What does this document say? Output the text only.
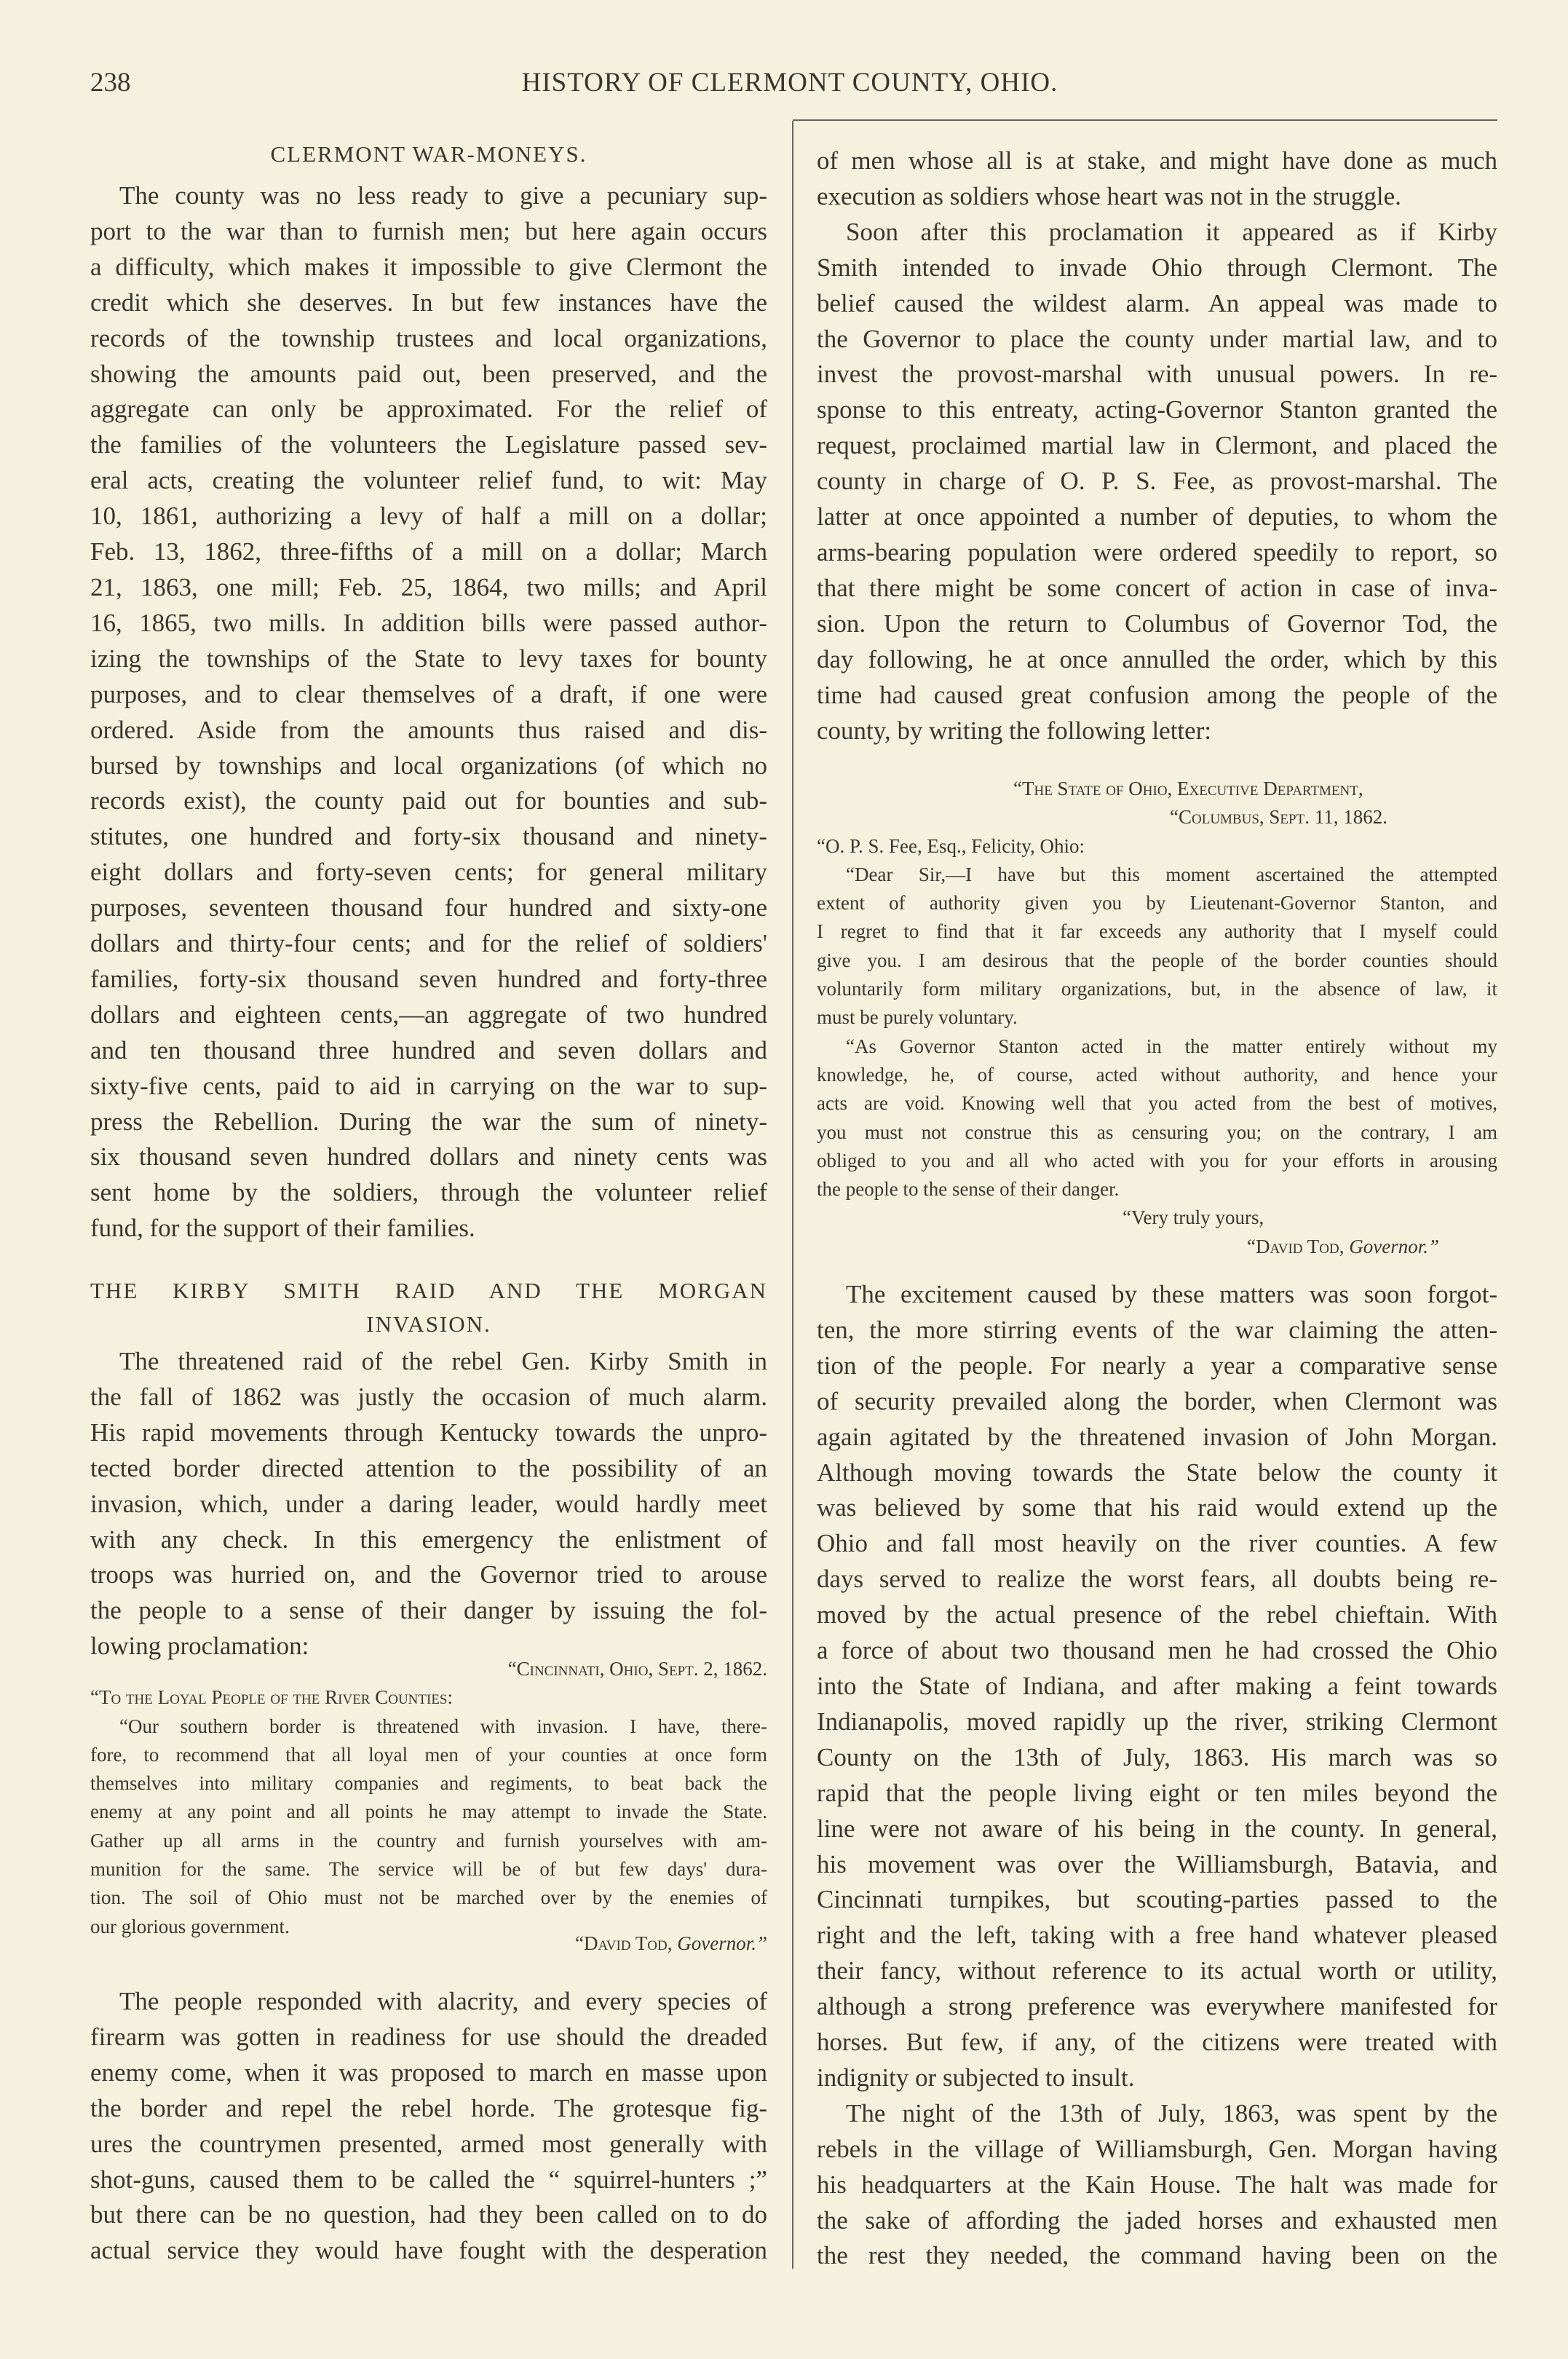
238	HISTORY OF CLERMONT COUNTY, OHIO.
CLERMONT WAR-MONEYS.
The county was no less ready to give a pecuniary sup-
port to the war than to furnish men; but here again occurs
a difficulty, which makes it impossible to give Clermont the
credit which she deserves. In but few instances have the
records of the township trustees and local organizations,
showing the amounts paid out, been preserved, and the
aggregate can only be approximated. For the relief of
the families of the volunteers the Legislature passed sev-
eral acts, creating the volunteer relief fund, to wit: May
10, 1861, authorizing a levy of half a mill on a dollar;
Feb. 13, 1862, three-fifths of a mill on a dollar; March
21, 1863, one mill; Feb. 25, 1864, two mills; and April
16, 1865, two mills. In addition bills were passed author-
izing the townships of the State to levy taxes for bounty
purposes, and to clear themselves of a draft, if one were
ordered. Aside from the amounts thus raised and dis-
bursed by townships and local organizations (of which no
records exist), the county paid out for bounties and sub-
stitutes, one hundred and forty-six thousand and ninety-
eight dollars and forty-seven cents; for general military
purposes, seventeen thousand four hundred and sixty-one
dollars and thirty-four cents; and for the relief of soldiers'
families, forty-six thousand seven hundred and forty-three
dollars and eighteen cents,—an aggregate of two hundred
and ten thousand three hundred and seven dollars and
sixty-five cents, paid to aid in carrying on the war to sup-
press the Rebellion. During the war the sum of ninety-
six thousand seven hundred dollars and ninety cents was
sent home by the soldiers, through the volunteer relief
fund, for the support of their families.
THE KIRBY SMITH RAID AND THE MORGAN
INVASION.
The threatened raid of the rebel Gen. Kirby Smith in
the fall of 1862 was justly the occasion of much alarm.
His rapid movements through Kentucky towards the unpro-
tected border directed attention to the possibility of an
invasion, which, under a daring leader, would hardly meet
with any check. In this emergency the enlistment of
troops was hurried on, and the Governor tried to arouse
the people to a sense of their danger by issuing the fol-
lowing proclamation:
“Cincinnati, Ohio, Sept. 2, 1862.
“To the Loyal People of the River Counties:
“Our southern border is threatened with invasion. I have, there-
fore, to recommend that all loyal men of your counties at once form
themselves into military companies and regiments, to beat back the
enemy at any point and all points he may attempt to invade the State.
Gather up all arms in the country and furnish yourselves with am-
munition for the same. The service will be of but few days' dura-
tion. The soil of Ohio must not be marched over by the enemies of
our glorious government.
“David Tod, Governor.”
The people responded with alacrity, and every species of
firearm was gotten in readiness for use should the dreaded
enemy come, when it was proposed to march en masse upon
the border and repel the rebel horde. The grotesque fig-
ures the countrymen presented, armed most generally with
shot-guns, caused them to be called the “ squirrel-hunters ;”
but there can be no question, had they been called on to do
actual service they would have fought with the desperation
of men whose all is at stake, and might have done as much
execution as soldiers whose heart was not in the struggle.
Soon after this proclamation it appeared as if Kirby
Smith intended to invade Ohio through Clermont. The
belief caused the wildest alarm. An appeal was made to
the Governor to place the county under martial law, and to
invest the provost-marshal with unusual powers. In re-
sponse to this entreaty, acting-Governor Stanton granted the
request, proclaimed martial law in Clermont, and placed the
county in charge of O. P. S. Fee, as provost-marshal. The
latter at once appointed a number of deputies, to whom the
arms-bearing population were ordered speedily to report, so
that there might be some concert of action in case of inva-
sion. Upon the return to Columbus of Governor Tod, the
day following, he at once annulled the order, which by this
time had caused great confusion among the people of the
county, by writing the following letter:
“The State of Ohio, Executive Department,
“Columbus, Sept. 11, 1862.
“O. P. S. Fee, Esq., Felicity, Ohio:
“Dear Sir,—I have but this moment ascertained the attempted
extent of authority given you by Lieutenant-Governor Stanton, and
I regret to find that it far exceeds any authority that I myself could
give you. I am desirous that the people of the border counties should
voluntarily form military organizations, but, in the absence of law, it
must be purely voluntary.
“As Governor Stanton acted in the matter entirely without my
knowledge, he, of course, acted without authority, and hence your
acts are void. Knowing well that you acted from the best of motives,
you must not construe this as censuring you; on the contrary, I am
obliged to you and all who acted with you for your efforts in arousing
the people to the sense of their danger.
“Very truly yours,
“David Tod, Governor.”
The excitement caused by these matters was soon forgot-
ten, the more stirring events of the war claiming the atten-
tion of the people. For nearly a year a comparative sense
of security prevailed along the border, when Clermont was
again agitated by the threatened invasion of John Morgan.
Although moving towards the State below the county it
was believed by some that his raid would extend up the
Ohio and fall most heavily on the river counties. A few
days served to realize the worst fears, all doubts being re-
moved by the actual presence of the rebel chieftain. With
a force of about two thousand men he had crossed the Ohio
into the State of Indiana, and after making a feint towards
Indianapolis, moved rapidly up the river, striking Clermont
County on the 13th of July, 1863. His march was so
rapid that the people living eight or ten miles beyond the
line were not aware of his being in the county. In general,
his movement was over the Williamsburgh, Batavia, and
Cincinnati turnpikes, but scouting-parties passed to the
right and the left, taking with a free hand whatever pleased
their fancy, without reference to its actual worth or utility,
although a strong preference was everywhere manifested for
horses. But few, if any, of the citizens were treated with
indignity or subjected to insult.
The night of the 13th of July, 1863, was spent by the
rebels in the village of Williamsburgh, Gen. Morgan having
his headquarters at the Kain House. The halt was made for
the sake of affording the jaded horses and exhausted men
the rest they needed, the command having been on the
